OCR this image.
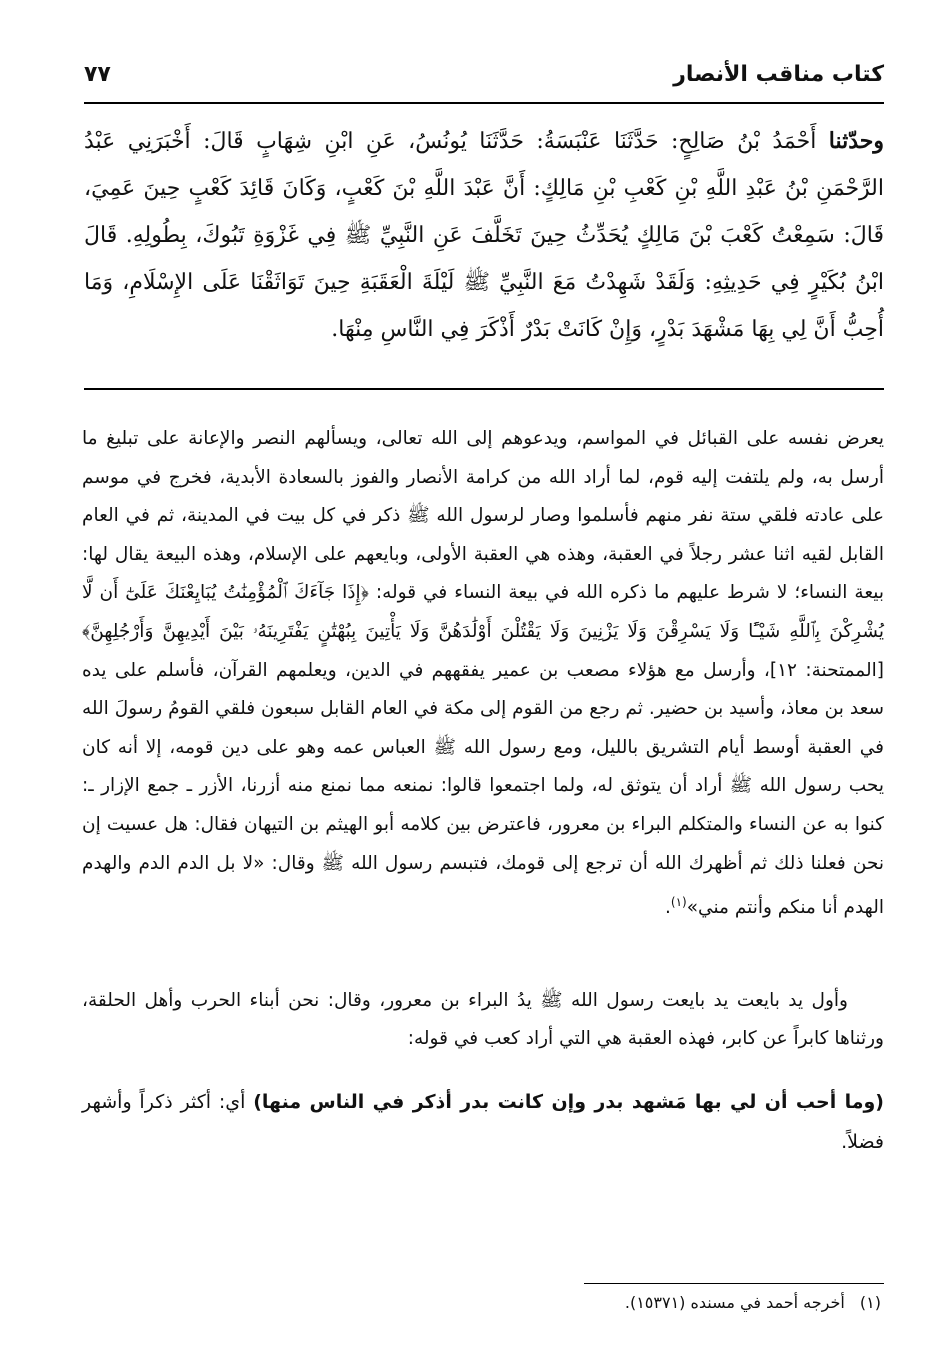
كتاب مناقب الأنصار
٧٧
وحدّثنا أَحْمَدُ بْنُ صَالِحٍ: حَدَّثَنَا عَنْبَسَةُ: حَدَّثَنَا يُونُسُ، عَنِ ابْنِ شِهَابٍ قَالَ: أَخْبَرَنِي عَبْدُ الرَّحْمَنِ بْنُ عَبْدِ اللَّهِ بْنِ كَعْبِ بْنِ مَالِكٍ: أَنَّ عَبْدَ اللَّهِ بْنَ كَعْبٍ، وَكَانَ قَائِدَ كَعْبٍ حِينَ عَمِيَ، قَالَ: سَمِعْتُ كَعْبَ بْنَ مَالِكٍ يُحَدِّثُ حِينَ تَخَلَّفَ عَنِ النَّبِيِّ ﷺ فِي غَزْوَةِ تَبُوكَ، بِطُولِهِ. قَالَ ابْنُ بُكَيْرٍ فِي حَدِيثِهِ: وَلَقَدْ شَهِدْتُ مَعَ النَّبِيِّ ﷺ لَيْلَةَ الْعَقَبَةِ حِينَ تَوَاثَقْنَا عَلَى الإِسْلَامِ، وَمَا أُحِبُّ أَنَّ لِي بِهَا مَشْهَدَ بَدْرٍ، وَإِنْ كَانَتْ بَدْرٌ أَذْكَرَ فِي النَّاسِ مِنْهَا.

يعرض نفسه على القبائل في المواسم، ويدعوهم إلى الله تعالى، ويسألهم النصر والإعانة على تبليغ ما أرسل به، ولم يلتفت إليه قوم، لما أراد الله من كرامة الأنصار والفوز بالسعادة الأبدية، فخرج في موسم على عادته فلقي ستة نفر منهم فأسلموا وصار لرسول الله ﷺ ذكر في كل بيت في المدينة، ثم في العام القابل لقيه اثنا عشر رجلاً في العقبة، وهذه هي العقبة الأولى، وبايعهم على الإسلام، وهذه البيعة يقال لها: بيعة النساء؛ لا شرط عليهم ما ذكره الله في بيعة النساء في قوله: ﴿إِذَا جَآءَكَ ٱلْمُؤْمِنَٰتُ يُبَايِعْنَكَ عَلَىٰٓ أَن لَّا يُشْرِكْنَ بِٱللَّهِ شَيْـًٔا وَلَا يَسْرِقْنَ وَلَا يَزْنِينَ وَلَا يَقْتُلْنَ أَوْلَٰدَهُنَّ وَلَا يَأْتِينَ بِبُهْتَٰنٍ يَفْتَرِينَهُۥ بَيْنَ أَيْدِيهِنَّ وَأَرْجُلِهِنَّ﴾ [الممتحنة: ١٢]، وأرسل مع هؤلاء مصعب بن عمير يفقههم في الدين، ويعلمهم القرآن، فأسلم على يده سعد بن معاذ، وأسيد بن حضير. ثم رجع من القوم إلى مكة في العام القابل سبعون فلقي القومُ رسولَ الله في العقبة أوسط أيام التشريق بالليل، ومع رسول الله ﷺ العباس عمه وهو على دين قومه، إلا أنه كان يحب رسول الله ﷺ أراد أن يتوثق له، ولما اجتمعوا قالوا: نمنعه مما نمنع منه أزرنا، الأزر ـ جمع الإزار ـ: كنوا به عن النساء والمتكلم البراء بن معرور، فاعترض بين كلامه أبو الهيثم بن التيهان فقال: هل عسيت إن نحن فعلنا ذلك ثم أظهرك الله أن ترجع إلى قومك، فتبسم رسول الله ﷺ وقال: «لا بل الدم الدم والهدم الهدم أنا منكم وأنتم مني»$^{(١)}$.

وأول يد بايعت يد بايعت رسول الله ﷺ يدُ البراء بن معرور، وقال: نحن أبناء الحرب وأهل الحلقة، ورثناها كابراً عن كابر، فهذه العقبة هي التي أراد كعب في قوله:
(وما أحب أن لي بها مَشهد بدر وإن كانت بدر أذكر في الناس منها) أي: أكثر ذكراً وأشهر فضلاً.
(١) أخرجه أحمد في مسنده (١٥٣٧١).
